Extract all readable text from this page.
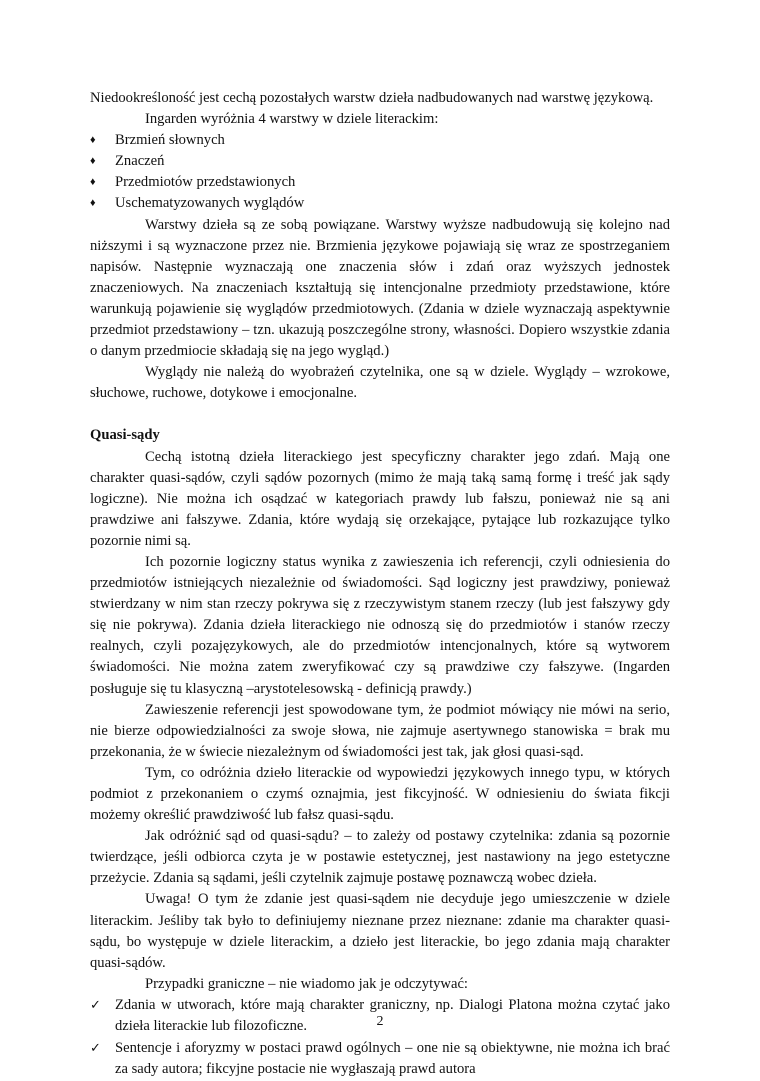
Niedookreśloność jest cechą pozostałych warstw dzieła nadbudowanych nad warstwę językową.

Ingarden wyróżnia 4 warstwy w dziele literackim:

♦ Brzmień słownych
♦ Znaczeń
♦ Przedmiotów przedstawionych
♦ Uschematyzowanych wyglądów

Warstwy dzieła są ze sobą powiązane. Warstwy wyższe nadbudowują się kolejno nad niższymi i są wyznaczone przez nie. Brzmienia językowe pojawiają się wraz ze spostrzeganiem napisów. Następnie wyznaczają one znaczenia słów i zdań oraz wyższych jednostek znaczeniowych. Na znaczeniach kształtują się intencjonalne przedmioty przedstawione, które warunkują pojawienie się wyglądów przedmiotowych. (Zdania w dziele wyznaczają aspektywnie przedmiot przedstawiony – tzn. ukazują poszczególne strony, własności. Dopiero wszystkie zdania o danym przedmiocie składają się na jego wygląd.)

Wyglądy nie należą do wyobrażeń czytelnika, one są w dziele. Wyglądy – wzrokowe, słuchowe, ruchowe, dotykowe i emocjonalne.

Quasi-sądy

Cechą istotną dzieła literackiego jest specyficzny charakter jego zdań. Mają one charakter quasi-sądów, czyli sądów pozornych (mimo że mają taką samą formę i treść jak sądy logiczne). Nie można ich osądzać w kategoriach prawdy lub fałszu, ponieważ nie są ani prawdziwe ani fałszywe. Zdania, które wydają się orzekające, pytające lub rozkazujące tylko pozornie nimi są.

Ich pozornie logiczny status wynika z zawieszenia ich referencji, czyli odniesienia do przedmiotów istniejących niezależnie od świadomości. Sąd logiczny jest prawdziwy, ponieważ stwierdzany w nim stan rzeczy pokrywa się z rzeczywistym stanem rzeczy (lub jest fałszywy gdy się nie pokrywa). Zdania dzieła literackiego nie odnoszą się do przedmiotów i stanów rzeczy realnych, czyli pozajęzykowych, ale do przedmiotów intencjonalnych, które są wytworem świadomości. Nie można zatem zweryfikować czy są prawdziwe czy fałszywe. (Ingarden posługuje się tu klasyczną –arystotelesowską - definicją prawdy.)

Zawieszenie referencji jest spowodowane tym, że podmiot mówiący nie mówi na serio, nie bierze odpowiedzialności za swoje słowa, nie zajmuje asertywnego stanowiska = brak mu przekonania, że w świecie niezależnym od świadomości jest tak, jak głosi quasi-sąd.

Tym, co odróżnia dzieło literackie od wypowiedzi językowych innego typu, w których podmiot z przekonaniem o czymś oznajmia, jest fikcyjność. W odniesieniu do świata fikcji możemy określić prawdziwość lub fałsz quasi-sądu.

Jak odróżnić sąd od quasi-sądu? – to zależy od postawy czytelnika: zdania są pozornie twierdzące, jeśli odbiorca czyta je w postawie estetycznej, jest nastawiony na jego estetyczne przeżycie. Zdania są sądami, jeśli czytelnik zajmuje postawę poznawczą wobec dzieła.

Uwaga! O tym że zdanie jest quasi-sądem nie decyduje jego umieszczenie w dziele literackim. Jeśliby tak było to definiujemy nieznane przez nieznane: zdanie ma charakter quasi-sądu, bo występuje w dziele literackim, a dzieło jest literackie, bo jego zdania mają charakter quasi-sądów.

Przypadki graniczne – nie wiadomo jak je odczytywać:

✓ Zdania w utworach, które mają charakter graniczny, np. Dialogi Platona można czytać jako dzieła literackie lub filozoficzne.

✓ Sentencje i aforyzmy w postaci prawd ogólnych – one nie są obiektywne, nie można ich brać za sady autora; fikcyjne postacie nie wygłaszają prawd autora

2
